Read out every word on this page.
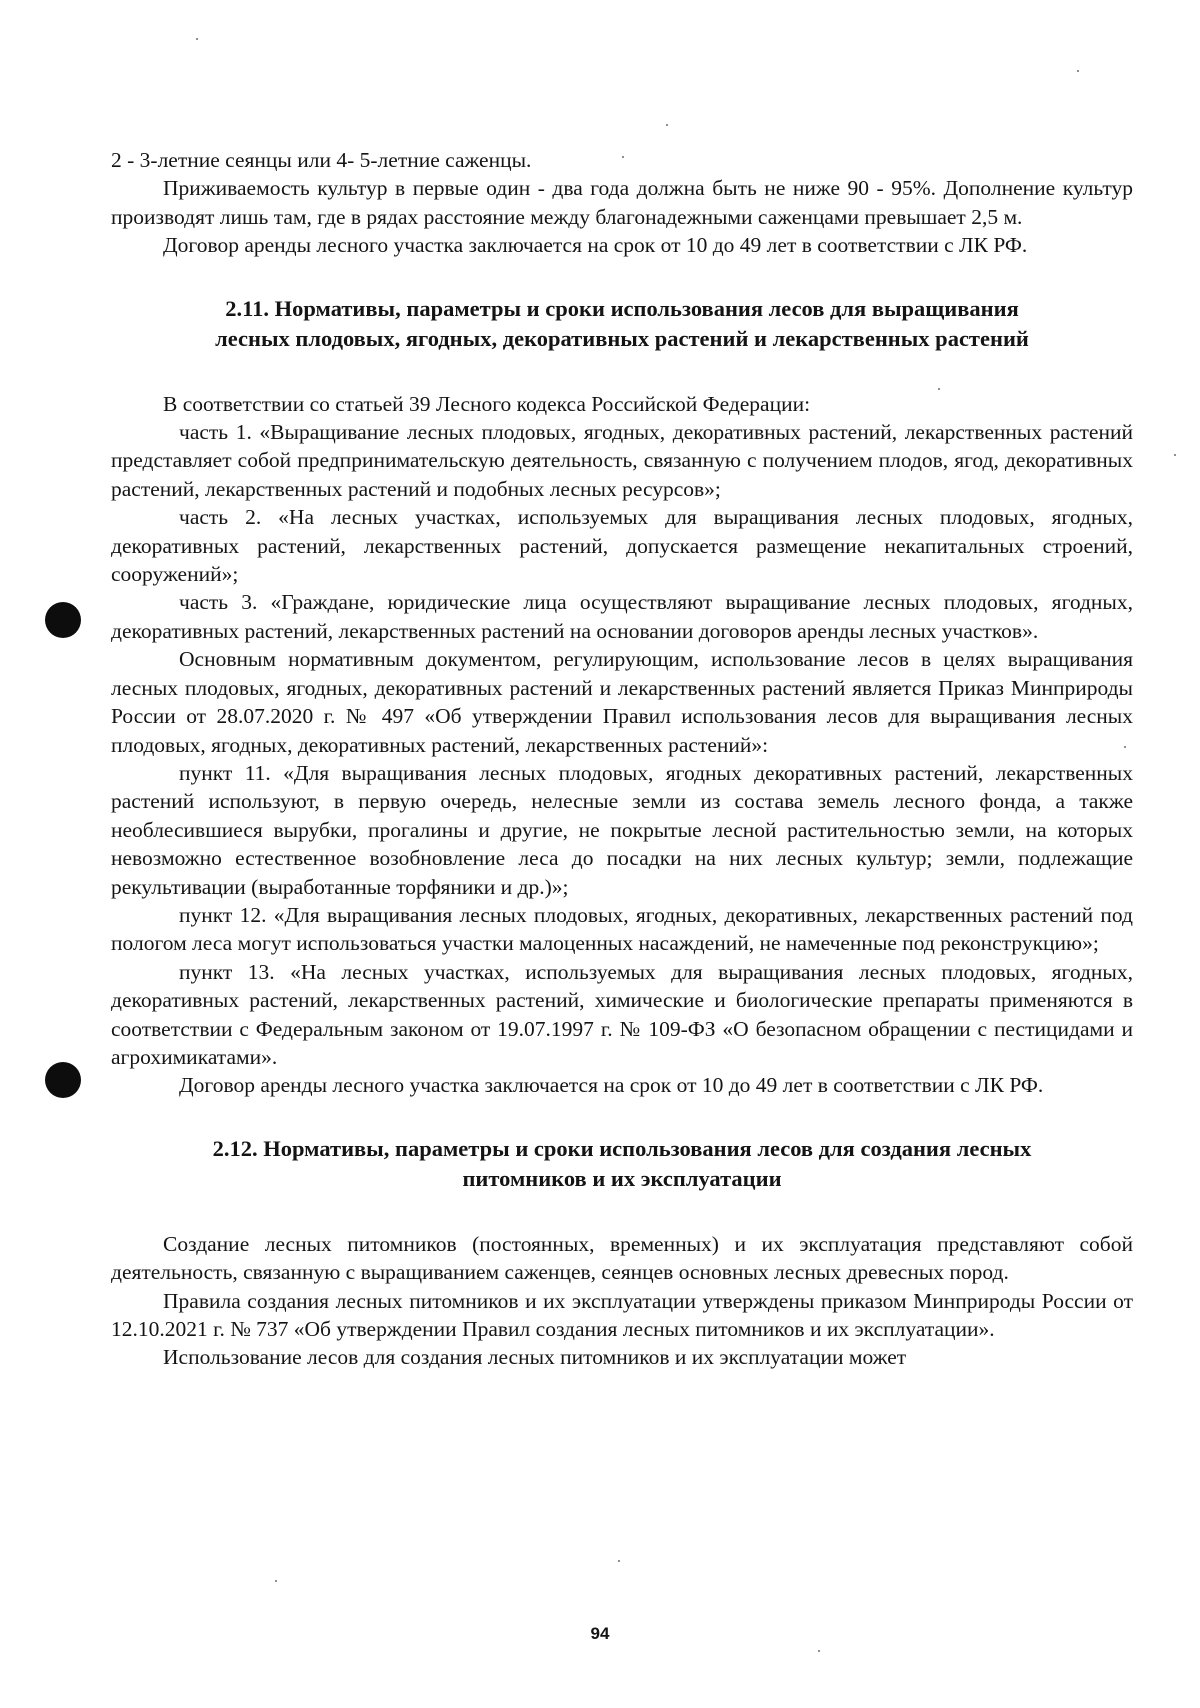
2 - 3-летние сеянцы или 4- 5-летние саженцы.

Приживаемость культур в первые один - два года должна быть не ниже 90 - 95%. Дополнение культур производят лишь там, где в рядах расстояние между благонадежными саженцами превышает 2,5 м.

Договор аренды лесного участка заключается на срок от 10 до 49 лет в соответствии с ЛК РФ.

2.11. Нормативы, параметры и сроки использования лесов для выращивания
лесных плодовых, ягодных, декоративных растений и лекарственных растений

В соответствии со статьей 39 Лесного кодекса Российской Федерации:

часть 1. «Выращивание лесных плодовых, ягодных, декоративных растений, лекарственных растений представляет собой предпринимательскую деятельность, связанную с получением плодов, ягод, декоративных растений, лекарственных растений и подобных лесных ресурсов»;

часть 2. «На лесных участках, используемых для выращивания лесных плодовых, ягодных, декоративных растений, лекарственных растений, допускается размещение некапитальных строений, сооружений»;

часть 3. «Граждане, юридические лица осуществляют выращивание лесных плодовых, ягодных, декоративных растений, лекарственных растений на основании договоров аренды лесных участков».

Основным нормативным документом, регулирующим, использование лесов в целях выращивания лесных плодовых, ягодных, декоративных растений и лекарственных растений является Приказ Минприроды России от 28.07.2020 г. № 497 «Об утверждении Правил использования лесов для выращивания лесных плодовых, ягодных, декоративных растений, лекарственных растений»:

пункт 11. «Для выращивания лесных плодовых, ягодных декоративных растений, лекарственных растений используют, в первую очередь, нелесные земли из состава земель лесного фонда, а также необлесившиеся вырубки, прогалины и другие, не покрытые лесной растительностью земли, на которых невозможно естественное возобновление леса до посадки на них лесных культур; земли, подлежащие рекультивации (выработанные торфяники и др.)»;

пункт 12. «Для выращивания лесных плодовых, ягодных, декоративных, лекарственных растений под пологом леса могут использоваться участки малоценных насаждений, не намеченные под реконструкцию»;

пункт 13. «На лесных участках, используемых для выращивания лесных плодовых, ягодных, декоративных растений, лекарственных растений, химические и биологические препараты применяются в соответствии с Федеральным законом от 19.07.1997 г. № 109-ФЗ «О безопасном обращении с пестицидами и агрохимикатами».

Договор аренды лесного участка заключается на срок от 10 до 49 лет в соответствии с ЛК РФ.

2.12. Нормативы, параметры и сроки использования лесов для создания лесных
питомников и их эксплуатации

Создание лесных питомников (постоянных, временных) и их эксплуатация представляют собой деятельность, связанную с выращиванием саженцев, сеянцев основных лесных древесных пород.

Правила создания лесных питомников и их эксплуатации утверждены приказом Минприроды России от 12.10.2021 г. № 737 «Об утверждении Правил создания лесных питомников и их эксплуатации».

Использование лесов для создания лесных питомников и их эксплуатации может

94
